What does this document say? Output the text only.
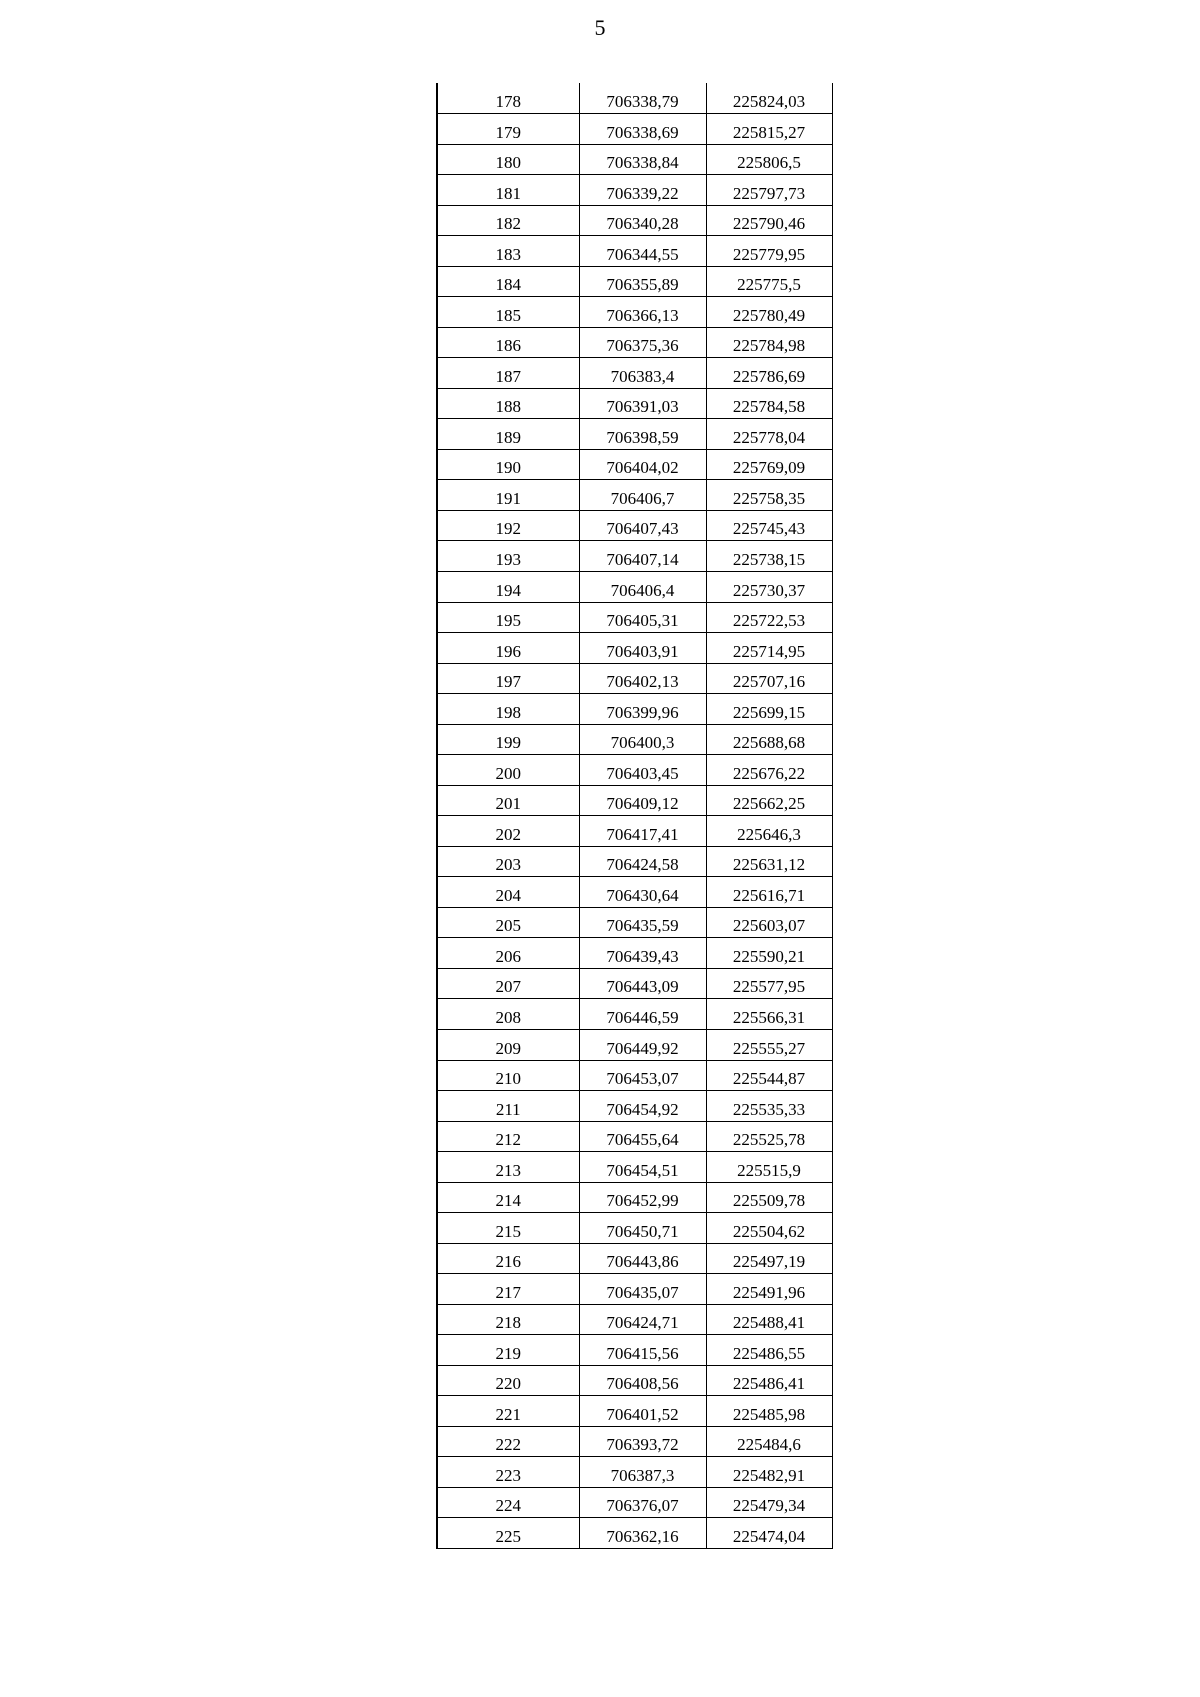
5
178	706338,79	225824,03
179	706338,69	225815,27
180	706338,84	225806,5
181	706339,22	225797,73
182	706340,28	225790,46
183	706344,55	225779,95
184	706355,89	225775,5
185	706366,13	225780,49
186	706375,36	225784,98
187	706383,4	225786,69
188	706391,03	225784,58
189	706398,59	225778,04
190	706404,02	225769,09
191	706406,7	225758,35
192	706407,43	225745,43
193	706407,14	225738,15
194	706406,4	225730,37
195	706405,31	225722,53
196	706403,91	225714,95
197	706402,13	225707,16
198	706399,96	225699,15
199	706400,3	225688,68
200	706403,45	225676,22
201	706409,12	225662,25
202	706417,41	225646,3
203	706424,58	225631,12
204	706430,64	225616,71
205	706435,59	225603,07
206	706439,43	225590,21
207	706443,09	225577,95
208	706446,59	225566,31
209	706449,92	225555,27
210	706453,07	225544,87
211	706454,92	225535,33
212	706455,64	225525,78
213	706454,51	225515,9
214	706452,99	225509,78
215	706450,71	225504,62
216	706443,86	225497,19
217	706435,07	225491,96
218	706424,71	225488,41
219	706415,56	225486,55
220	706408,56	225486,41
221	706401,52	225485,98
222	706393,72	225484,6
223	706387,3	225482,91
224	706376,07	225479,34
225	706362,16	225474,04
